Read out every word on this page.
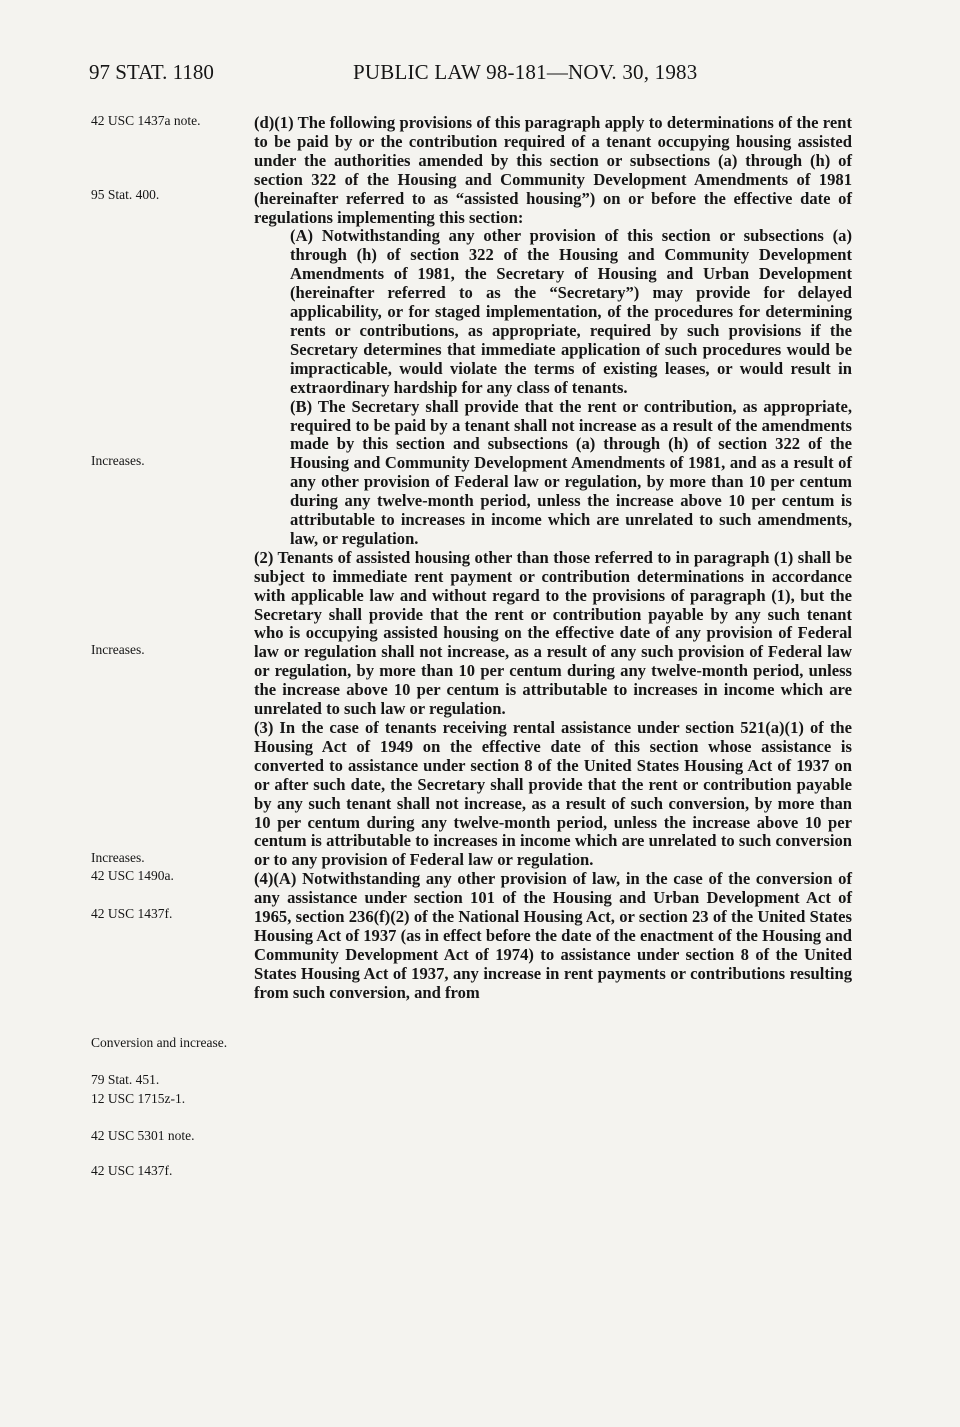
97 STAT. 1180	PUBLIC LAW 98-181—NOV. 30, 1983
42 USC 1437a note.
95 Stat. 400.
Increases.
Increases.
Increases.
42 USC 1490a.
42 USC 1437f.
Conversion and increase.
79 Stat. 451.
12 USC 1715z-1.
42 USC 5301 note.
42 USC 1437f.

(d)(1) The following provisions of this paragraph apply to determinations of the rent to be paid by or the contribution required of a tenant occupying housing assisted under the authorities amended by this section or subsections (a) through (h) of section 322 of the Housing and Community Development Amendments of 1981 (hereinafter referred to as “assisted housing”) on or before the effective date of regulations implementing this section:

(A) Notwithstanding any other provision of this section or subsections (a) through (h) of section 322 of the Housing and Community Development Amendments of 1981, the Secretary of Housing and Urban Development (hereinafter referred to as the “Secretary”) may provide for delayed applicability, or for staged implementation, of the procedures for determining rents or contributions, as appropriate, required by such provisions if the Secretary determines that immediate application of such procedures would be impracticable, would violate the terms of existing leases, or would result in extraordinary hardship for any class of tenants.

(B) The Secretary shall provide that the rent or contribution, as appropriate, required to be paid by a tenant shall not increase as a result of the amendments made by this section and subsections (a) through (h) of section 322 of the Housing and Community Development Amendments of 1981, and as a result of any other provision of Federal law or regulation, by more than 10 per centum during any twelve-month period, unless the increase above 10 per centum is attributable to increases in income which are unrelated to such amendments, law, or regulation.

(2) Tenants of assisted housing other than those referred to in paragraph (1) shall be subject to immediate rent payment or contribution determinations in accordance with applicable law and without regard to the provisions of paragraph (1), but the Secretary shall provide that the rent or contribution payable by any such tenant who is occupying assisted housing on the effective date of any provision of Federal law or regulation shall not increase, as a result of any such provision of Federal law or regulation, by more than 10 per centum during any twelve-month period, unless the increase above 10 per centum is attributable to increases in income which are unrelated to such law or regulation.

(3) In the case of tenants receiving rental assistance under section 521(a)(1) of the Housing Act of 1949 on the effective date of this section whose assistance is converted to assistance under section 8 of the United States Housing Act of 1937 on or after such date, the Secretary shall provide that the rent or contribution payable by any such tenant shall not increase, as a result of such conversion, by more than 10 per centum during any twelve-month period, unless the increase above 10 per centum is attributable to increases in income which are unrelated to such conversion or to any provision of Federal law or regulation.

(4)(A) Notwithstanding any other provision of law, in the case of the conversion of any assistance under section 101 of the Housing and Urban Development Act of 1965, section 236(f)(2) of the National Housing Act, or section 23 of the United States Housing Act of 1937 (as in effect before the date of the enactment of the Housing and Community Development Act of 1974) to assistance under section 8 of the United States Housing Act of 1937, any increase in rent payments or contributions resulting from such conversion, and from
